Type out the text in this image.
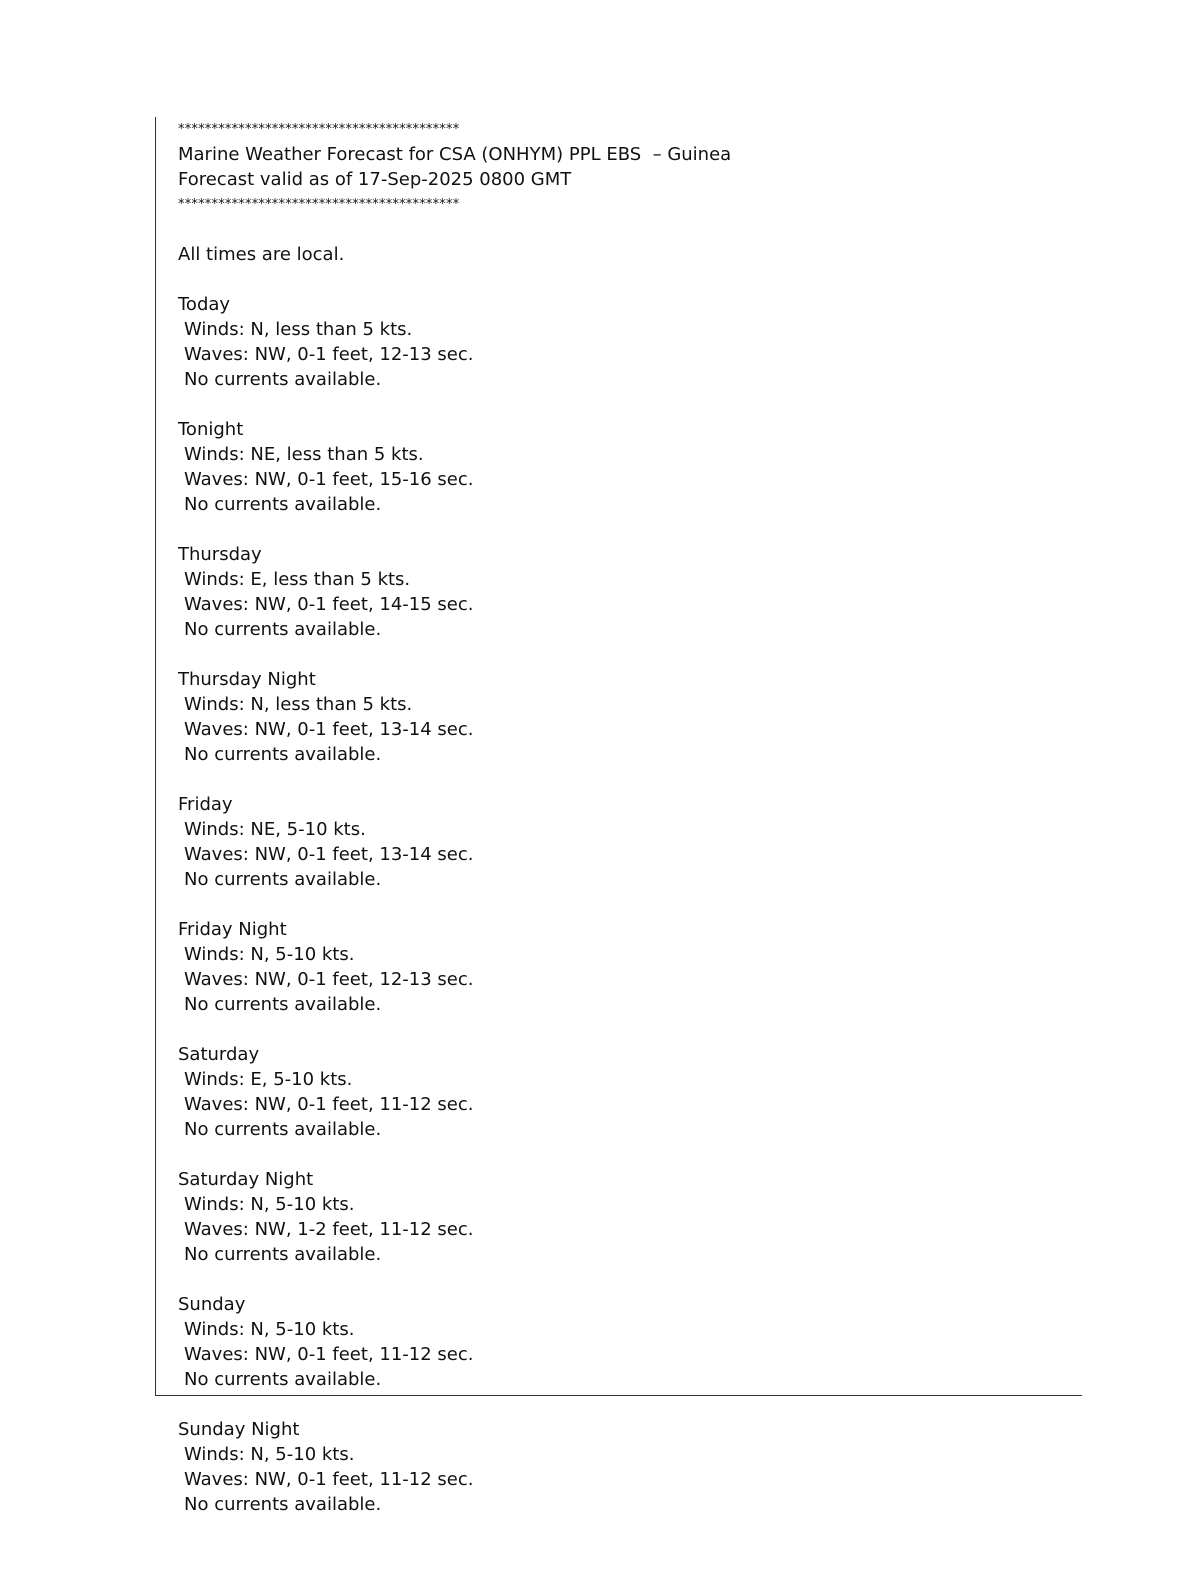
******************************************
Marine Weather Forecast for CSA (ONHYM) PPL EBS  – Guinea
Forecast valid as of 17-Sep-2025 0800 GMT
******************************************
All times are local.
Today
Winds: N, less than 5 kts.
Waves: NW, 0-1 feet, 12-13 sec.
No currents available.
Tonight
Winds: NE, less than 5 kts.
Waves: NW, 0-1 feet, 15-16 sec.
No currents available.
Thursday
Winds: E, less than 5 kts.
Waves: NW, 0-1 feet, 14-15 sec.
No currents available.
Thursday Night
Winds: N, less than 5 kts.
Waves: NW, 0-1 feet, 13-14 sec.
No currents available.
Friday
Winds: NE, 5-10 kts.
Waves: NW, 0-1 feet, 13-14 sec.
No currents available.
Friday Night
Winds: N, 5-10 kts.
Waves: NW, 0-1 feet, 12-13 sec.
No currents available.
Saturday
Winds: E, 5-10 kts.
Waves: NW, 0-1 feet, 11-12 sec.
No currents available.
Saturday Night
Winds: N, 5-10 kts.
Waves: NW, 1-2 feet, 11-12 sec.
No currents available.
Sunday
Winds: N, 5-10 kts.
Waves: NW, 0-1 feet, 11-12 sec.
No currents available.
Sunday Night
Winds: N, 5-10 kts.
Waves: NW, 0-1 feet, 11-12 sec.
No currents available.
